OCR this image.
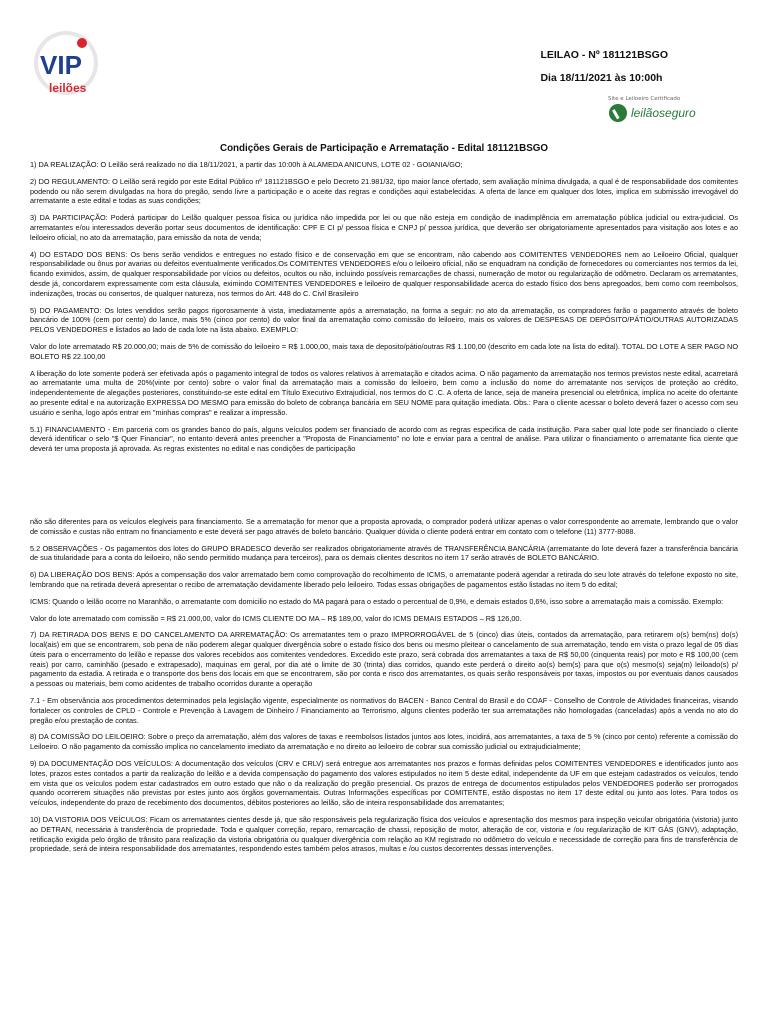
VIP
leilões
LEILAO - Nº 181121BSGO
Dia 18/11/2021 às 10:00h
Site e Leiloeiro Certificado
leilãoseguro
Condições Gerais de Participação e Arrematação - Edital 181121BSGO

1) DA REALIZAÇÃO: O Leilão será realizado no dia 18/11/2021, a partir das 10:00h à ALAMEDA ANICUNS, LOTE 02 - GOIANIA/GO;

2) DO REGULAMENTO: O Leilão será regido por este Edital Público nº 181121BSGO e pelo Decreto 21.981/32, tipo maior lance ofertado, sem avaliação mínima divulgada, a qual é de responsabilidade dos comitentes podendo ou não serem divulgadas na hora do pregão, sendo livre a participação e o aceite das regras e condições aqui estabelecidas. A oferta de lance em qualquer dos lotes, implica em submissão irrevogável do arrematante a este edital e todas as suas condições;

3) DA PARTICIPAÇÃO: Poderá participar do Leilão qualquer pessoa física ou jurídica não impedida por lei ou que não esteja em condição de inadimplência em arrematação pública judicial ou extra-judicial. Os arrematantes e/ou interessados deverão portar seus documentos de identificação: CPF E CI p/ pessoa física e CNPJ p/ pessoa jurídica, que deverão ser obrigatoriamente apresentados para visitação aos lotes e ao leiloeiro oficial, no ato da arrematação, para emissão da nota de venda;

4) DO ESTADO DOS BENS: Os bens serão vendidos e entregues no estado físico e de conservação em que se encontram, não cabendo aos COMITENTES VENDEDORES nem ao Leiloeiro Oficial, qualquer responsabilidade ou ônus por avarias ou defeitos eventualmente verificados.Os COMITENTES VENDEDORES e/ou o leiloeiro oficial, não se enquadram na condição de fornecedores ou comerciantes nos termos da lei, ficando eximidos, assim, de qualquer responsabilidade por vícios ou defeitos, ocultos ou não, incluindo possíveis remarcações de chassi, numeração de motor ou regularização de odômetro. Declaram os arrematantes, desde já, concordarem expressamente com esta cláusula, eximindo COMITENTES VENDEDORES e leiloeiro de qualquer responsabilidade acerca do estado físico dos bens apregoados, bem como com reembolsos, indenizações, trocas ou consertos, de qualquer natureza, nos termos do Art. 448 do C. Civil Brasileiro

5) DO PAGAMENTO: Os lotes vendidos serão pagos rigorosamente à vista, imediatamente após a arrematação, na forma a seguir: no ato da arrematação, os compradores farão o pagamento através de boleto bancário de 100% (cem por cento) do lance, mais 5% (cinco por cento) do valor final da arrematação como comissão do leiloeiro, mais os valores de DESPESAS DE DEPÓSITO/PÁTIO/OUTRAS AUTORIZADAS PELOS VENDEDORES e listados ao lado de cada lote na lista abaixo. EXEMPLO:

Valor do lote arrematado R$ 20.000,00; mais de 5% de comissão do leiloeiro = R$ 1.000,00, mais taxa de deposito/pátio/outras R$ 1.100,00 (descrito em cada lote na lista do edital). TOTAL DO LOTE A SER PAGO NO BOLETO R$ 22.100,00

A liberação do lote somente poderá ser efetivada após o pagamento integral de todos os valores relativos à arrematação e citados acima. O não pagamento da arrematação nos termos previstos neste edital, acarretará ao arrematante uma multa de 20%(vinte por cento) sobre o valor final da arrematação mais a comissão do leiloeiro, bem como a inclusão do nome do arrematante nos serviços de proteção ao crédito, independentemente de alegações posteriores, constituindo-se este edital em Título Executivo Extrajudicial, nos termos do C .C. A oferta de lance, seja de maneira presencial ou eletrônica, implica no aceite do ofertante ao presente edital e na autorização EXPRESSA DO MESMO para emissão do boleto de cobrança bancária em SEU NOME para quitação imediata. Obs.: Para o cliente acessar o boleto deverá fazer o acesso com seu usuário e senha, logo após entrar em "minhas compras" e realizar a impressão.

5.1) FINANCIAMENTO - Em parceria com os grandes banco do país, alguns veículos podem ser financiado de acordo com as regras especifica de cada instituição. Para saber qual lote pode ser financiado o cliente deverá identificar o selo "$ Quer Financiar", no entanto deverá antes preencher a "Proposta de Financiamento" no lote e enviar para a central de análise. Para utilizar o financiamento o arrematante fica ciente que deverá ter uma proposta já aprovada. As regras existentes no edital e nas condições de participação

não são diferentes para os veículos elegíveis para financiamento. Se a arrematação for menor que a proposta aprovada, o comprador poderá utilizar apenas o valor correspondente ao arremate, lembrando que o valor de comissão e custas não entram no financiamento e este deverá ser pago através de boleto bancário. Qualquer dúvida o cliente poderá entrar em contato com o telefone (11) 3777-8088.

5.2 OBSERVAÇÕES - Os pagamentos dos lotes do GRUPO BRADESCO deverão ser realizados obrigatoriamente através de TRANSFERÊNCIA BANCÁRIA (arrematante do lote deverá fazer a transferência bancária de sua titularidade para a conta do leiloeiro, não sendo permitido mudança para terceiros), para os demais clientes descritos no item 17 serão através de BOLETO BANCÁRIO.

6) DA LIBERAÇÃO DOS BENS: Após a compensação dos valor arrematado bem como comprovação do recolhimento de ICMS, o arrematante poderá agendar a retirada do seu lote através do telefone exposto no site, lembrando que na retirada deverá apresentar o recibo de arrematação devidamente liberado pelo leiloeiro. Todas essas obrigações de pagamentos estão listadas no item 5 do edital;

ICMS: Quando o leilão ocorre no Maranhão, o arrematante com domicilio no estado do MA pagará para o estado o percentual de 0,9%, e demais estados 0,6%, isso sobre a arrematação mais a comissão. Exemplo:

Valor do lote arrematado com comissão = R$ 21.000,00, valor do ICMS CLIENTE DO MA – R$ 189,00, valor do ICMS DEMAIS ESTADOS – R$ 126,00.

7) DA RETIRADA DOS BENS E DO CANCELAMENTO DA ARREMATAÇÃO: Os arrematantes tem o prazo IMPRORROGÁVEL de 5 (cinco) dias úteis, contados da arrematação, para retirarem o(s) bem(ns) do(s) local(ais) em que se encontrarem, sob pena de não poderem alegar qualquer divergência sobre o estado físico dos bens ou mesmo pleitear o cancelamento de sua arrematação, tendo em vista o prazo legal de 05 dias úteis para o encerramento do leilão e repasse dos valores recebidos aos comitentes vendedores. Excedido este prazo, será cobrada dos arrematantes a taxa de R$ 50,00 (cinquenta reais) por moto e R$ 100,00 (cem reais) por carro, caminhão (pesado e extrapesado), maquinas em geral, por dia até o limite de 30 (trinta) dias corridos, quando este perderá o direito ao(s) bem(s) para que o(s) mesmo(s) seja(m) leiloado(s) p/ pagamento da estadia. A retirada e o transporte dos bens dos locais em que se encontrarem, são por conta e risco dos arrematantes, os quais serão responsáveis por taxas, impostos ou por eventuais danos causados a pessoas ou materiais, bem como acidentes de trabalho ocorridos durante a operação

7.1 - Em observância aos procedimentos determinados pela legislação vigente, especialmente os normativos do BACEN - Banco Central do Brasil e do COAF - Conselho de Controle de Atividades financeiras, visando fortalecer os controles de CPLD - Controle e Prevenção à Lavagem de Dinheiro / Financiamento ao Terrorismo, alguns clientes poderão ter sua arrematações não homologadas (canceladas) após a venda no ato do pregão e/ou prestação de contas.

8) DA COMISSÃO DO LEILOEIRO: Sobre o preço da arrematação, além dos valores de taxas e reembolsos listados juntos aos lotes, incidirá, aos arrematantes, a taxa de 5 % (cinco por cento) referente a comissão do Leiloeiro. O não pagamento da comissão implica no cancelamento imediato da arrematação e no direito ao leiloeiro de cobrar sua comissão judicial ou extrajudicialmente;

9) DA DOCUMENTAÇÃO DOS VEÍCULOS: A documentação dos veículos (CRV e CRLV) será entregue aos arrematantes nos prazos e formas definidas pelos COMITENTES VENDEDORES e identificados junto aos lotes, prazos estes contados a partir da realização do leilão e a devida compensação do pagamento dos valores estipulados no item 5 deste edital, independente da UF em que estejam cadastrados os veículos, tendo em vista que os veículos podem estar cadastrados em outro estado que não o da realização do pregão presencial. Os prazos de entrega de documentos estipulados pelos VENDEDORES poderão ser prorrogados quando ocorrerem situações não previstas por estes junto aos órgãos governamentais. Outras Informações específicas por COMITENTE, estão dispostas no item 17 deste edital ou junto aos lotes. Para todos os veículos, independente do prazo de recebimento dos documentos, débitos posteriores ao leilão, são de inteira responsabilidade dos arrematantes;

10) DA VISTORIA DOS VEÍCULOS: Ficam os arrematantes cientes desde já, que são responsáveis pela regularização física dos veículos e apresentação dos mesmos para inspeção veicular obrigatória (vistoria) junto ao DETRAN, necessária à transferência de propriedade. Toda e qualquer correção, reparo, remarcação de chassi, reposição de motor, alteração de cor, vistoria e /ou regularização de KIT GÁS (GNV), adaptação, retificação exigida pelo órgão de trânsito para realização da vistoria obrigatória ou qualquer divergência com relação ao KM registrado no odômetro do veículo e necessidade de correção para fins de transferência de propriedade, será de inteira responsabilidade dos arrematantes, respondendo estes também pelos atrasos, multas e /ou custos decorrentes dessas intervenções.
